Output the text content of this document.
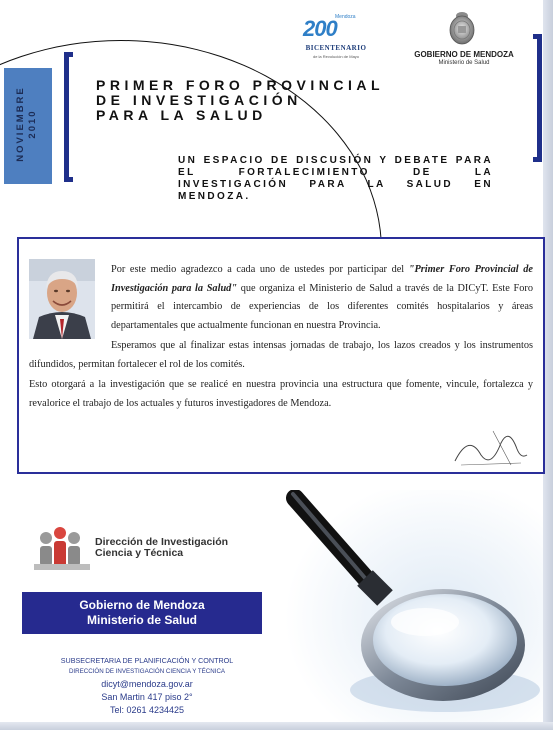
200
Mendoza
BICENTENARIO
de la Revolución de Mayo	GOBIERNO DE MENDOZA
Ministerio de Salud
NOVIEMBRE
2010
PRIMER FORO PROVINCIAL
DE INVESTIGACIÓN
PARA LA SALUD

UN ESPACIO DE DISCUSIÓN Y DEBATE PARA EL FORTALECIMIENTO DE LA INVESTIGACIÓN PARA LA SALUD EN MENDOZA.

Por este medio agradezco a cada uno de ustedes por participar del "Primer Foro Provincial de Investigación para la Salud" que organiza el Ministerio de Salud a través de la DICyT. Este Foro permitirá el intercambio de experiencias de los diferentes comités hospitalarios y áreas departamentales que actualmente funcionan en nuestra Provincia.

Esperamos que al finalizar estas intensas jornadas de trabajo, los lazos creados y los instrumentos difundidos, permitan fortalecer el rol de los comités.

Esto otorgará a la investigación que se realicé en nuestra provincia una estructura que fomente, vincule, fortalezca y revalorice el trabajo de los actuales y futuros investigadores de Mendoza.

Dirección de Investigación
Ciencia y Técnica
Gobierno de Mendoza
Ministerio de Salud
SUBSECRETARIA DE PLANIFICACIÓN Y CONTROL
DIRECCIÓN DE INVESTIGACIÓN CIENCIA Y TÉCNICA
dicyt@mendoza.gov.ar
San Martin 417 piso 2°
Tel: 0261 4234425
